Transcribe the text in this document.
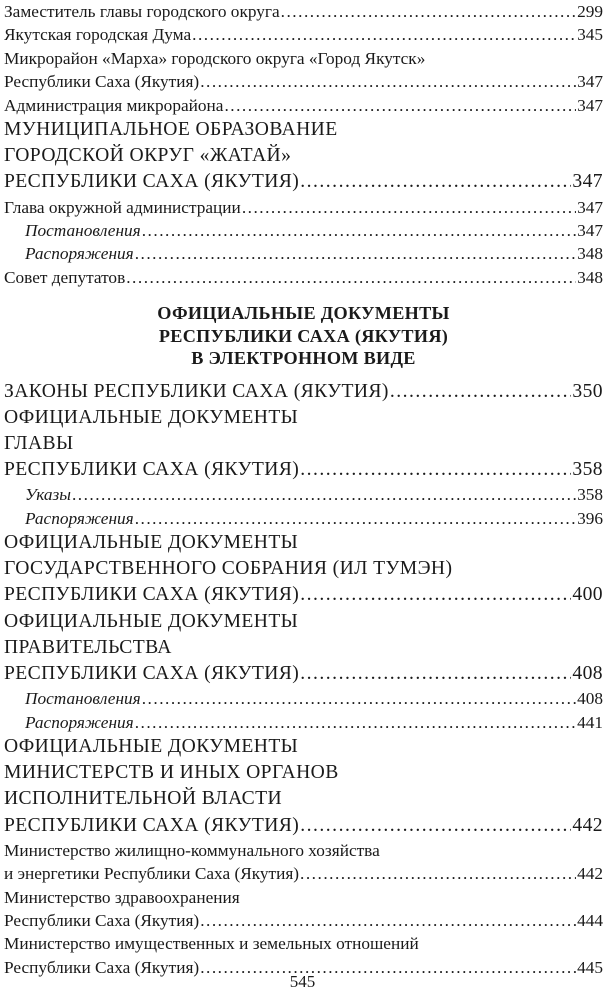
Заместитель главы городского округа .....	299
Якутская городская Дума .....	345
Микрорайон «Марха» городского округа «Город Якутск»
Республики Саха (Якутия) .....	347
Администрация микрорайона .....	347
МУНИЦИПАЛЬНОЕ ОБРАЗОВАНИЕ
ГОРОДСКОЙ ОКРУГ «ЖАТАЙ»
РЕСПУБЛИКИ САХА (ЯКУТИЯ) .....	347
Глава окружной администрации .....	347
Постановления .....	347
Распоряжения .....	348
Совет депутатов .....	348
ОФИЦИАЛЬНЫЕ ДОКУМЕНТЫ
РЕСПУБЛИКИ САХА (ЯКУТИЯ)
В ЭЛЕКТРОННОМ ВИДЕ
ЗАКОНЫ РЕСПУБЛИКИ САХА (ЯКУТИЯ) .....	350
ОФИЦИАЛЬНЫЕ ДОКУМЕНТЫ
ГЛАВЫ
РЕСПУБЛИКИ САХА (ЯКУТИЯ) .....	358
Указы .....	358
Распоряжения .....	396
ОФИЦИАЛЬНЫЕ ДОКУМЕНТЫ
ГОСУДАРСТВЕННОГО СОБРАНИЯ (ИЛ ТУМЭН)
РЕСПУБЛИКИ САХА (ЯКУТИЯ) .....	400
ОФИЦИАЛЬНЫЕ ДОКУМЕНТЫ
ПРАВИТЕЛЬСТВА
РЕСПУБЛИКИ САХА (ЯКУТИЯ) .....	408
Постановления .....	408
Распоряжения .....	441
ОФИЦИАЛЬНЫЕ ДОКУМЕНТЫ
МИНИСТЕРСТВ И ИНЫХ ОРГАНОВ
ИСПОЛНИТЕЛЬНОЙ ВЛАСТИ
РЕСПУБЛИКИ САХА (ЯКУТИЯ) .....	442
Министерство жилищно-коммунального хозяйства
и энергетики Республики Саха (Якутия) .....	442
Министерство здравоохранения
Республики Саха (Якутия) .....	444
Министерство имущественных и земельных отношений
Республики Саха (Якутия) .....	445
545
